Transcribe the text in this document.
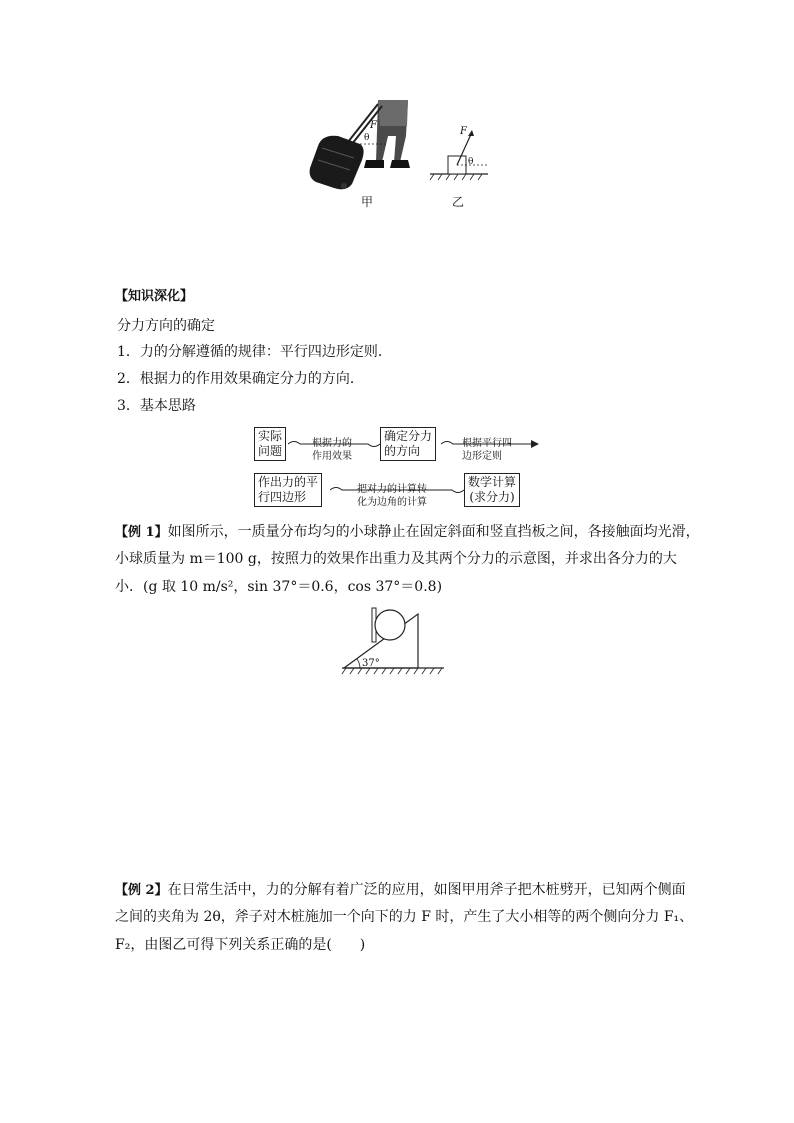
F
θ
甲
F
θ
乙
【知识深化】
分力方向的确定
1．力的分解遵循的规律：平行四边形定则．
2．根据力的作用效果确定分力的方向．
3．基本思路
实际
问题
根据力的
作用效果
确定分力
的方向
根据平行四
边形定则
作出力的平
行四边形
把对力的计算转
化为边角的计算
数学计算
(求分力)
【例 1】如图所示，一质量分布均匀的小球静止在固定斜面和竖直挡板之间，各接触面均光滑，
小球质量为 m＝100 g，按照力的效果作出重力及其两个分力的示意图，并求出各分力的大
小．(g 取 10 m/s²，sin 37°＝0.6，cos 37°＝0.8)
37°
【例 2】在日常生活中，力的分解有着广泛的应用，如图甲用斧子把木桩劈开，已知两个侧面
之间的夹角为 2θ，斧子对木桩施加一个向下的力 F 时，产生了大小相等的两个侧向分力 F₁、
F₂，由图乙可得下列关系正确的是(　　)
